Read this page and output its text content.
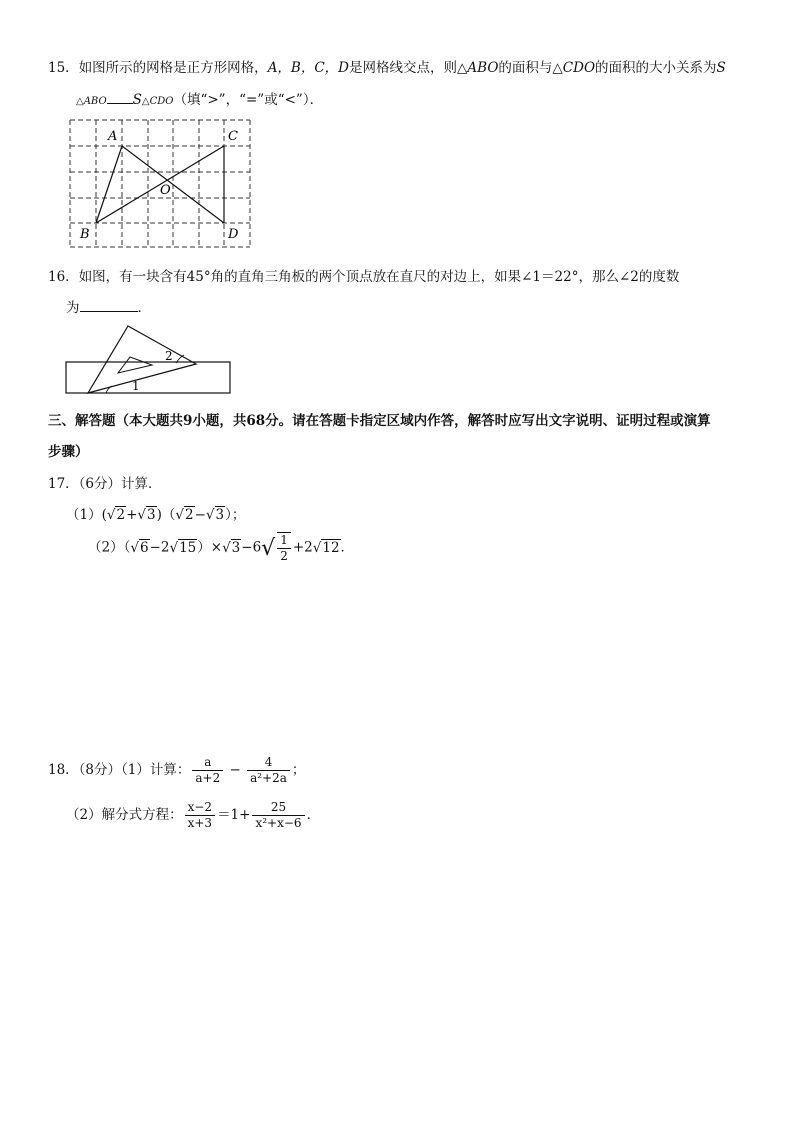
15．如图所示的网格是正方形网格，A，B，C，D是网格线交点，则△ABO的面积与△CDO的面积的大小关系为S
△ABO S△CDO（填“>”，“=”或“<”）．
A	C
B	D
O
16．如图，有一块含有45°角的直角三角板的两个顶点放在直尺的对边上，如果∠1＝22°，那么∠2的度数
为	．
2
1
三、解答题（本大题共9小题，共68分。请在答题卡指定区域内作答，解答时应写出文字说明、证明过程或演算
步骤）
17．（6分）计算．
（1）(√2+√3)（√2−√3）；
$(2)(√6-2√15)\times√3-6√ \frac{1}{2} +2√12$．
18．（8分）（1）计算： $\frac{a}{a+2} - \frac{4}{\text{a²+2a}}$ ；
（2）解分式方程： $\frac{x-2}{x+3} =1+ \frac{25}{\text{x²+x−6}}$ ．
